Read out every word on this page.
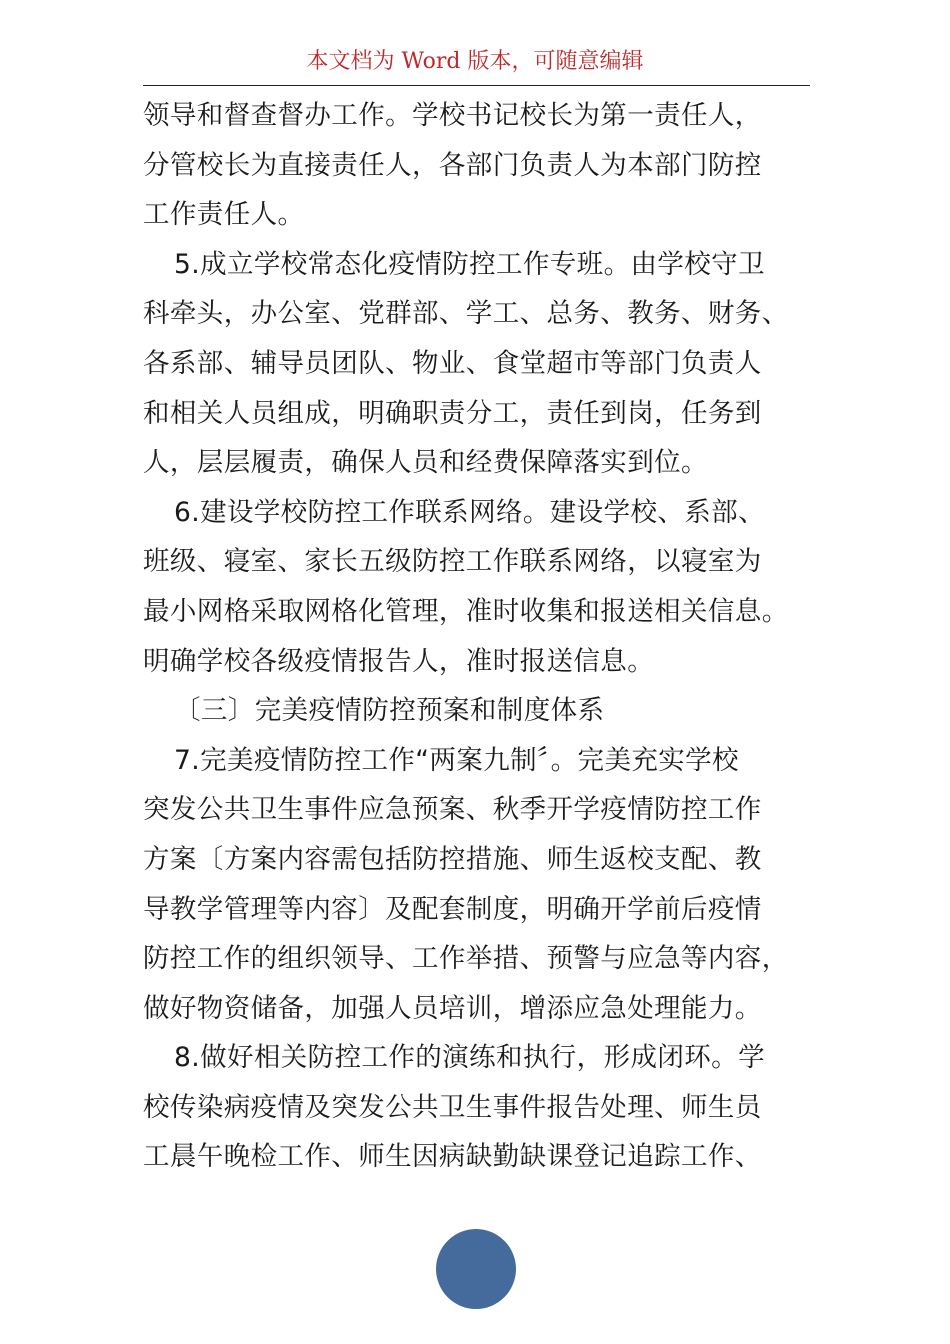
本文档为 Word 版本，可随意编辑
领导和督查督办工作。学校书记校长为第一责任人，
分管校长为直接责任人，各部门负责人为本部门防控
工作责任人。
5.成立学校常态化疫情防控工作专班。由学校守卫
科牵头，办公室、党群部、学工、总务、教务、财务、
各系部、辅导员团队、物业、食堂超市等部门负责人
和相关人员组成，明确职责分工，责任到岗，任务到
人，层层履责，确保人员和经费保障落实到位。
6.建设学校防控工作联系网络。建设学校、系部、
班级、寝室、家长五级防控工作联系网络，以寝室为
最小网格采取网格化管理，准时收集和报送相关信息。
明确学校各级疫情报告人，准时报送信息。
〔三〕完美疫情防控预案和制度体系
7.完美疫情防控工作“两案九制〞。完美充实学校
突发公共卫生事件应急预案、秋季开学疫情防控工作
方案〔方案内容需包括防控措施、师生返校支配、教
导教学管理等内容〕及配套制度，明确开学前后疫情
防控工作的组织领导、工作举措、预警与应急等内容，
做好物资储备，加强人员培训，增添应急处理能力。
8.做好相关防控工作的演练和执行，形成闭环。学
校传染病疫情及突发公共卫生事件报告处理、师生员
工晨午晚检工作、师生因病缺勤缺课登记追踪工作、
